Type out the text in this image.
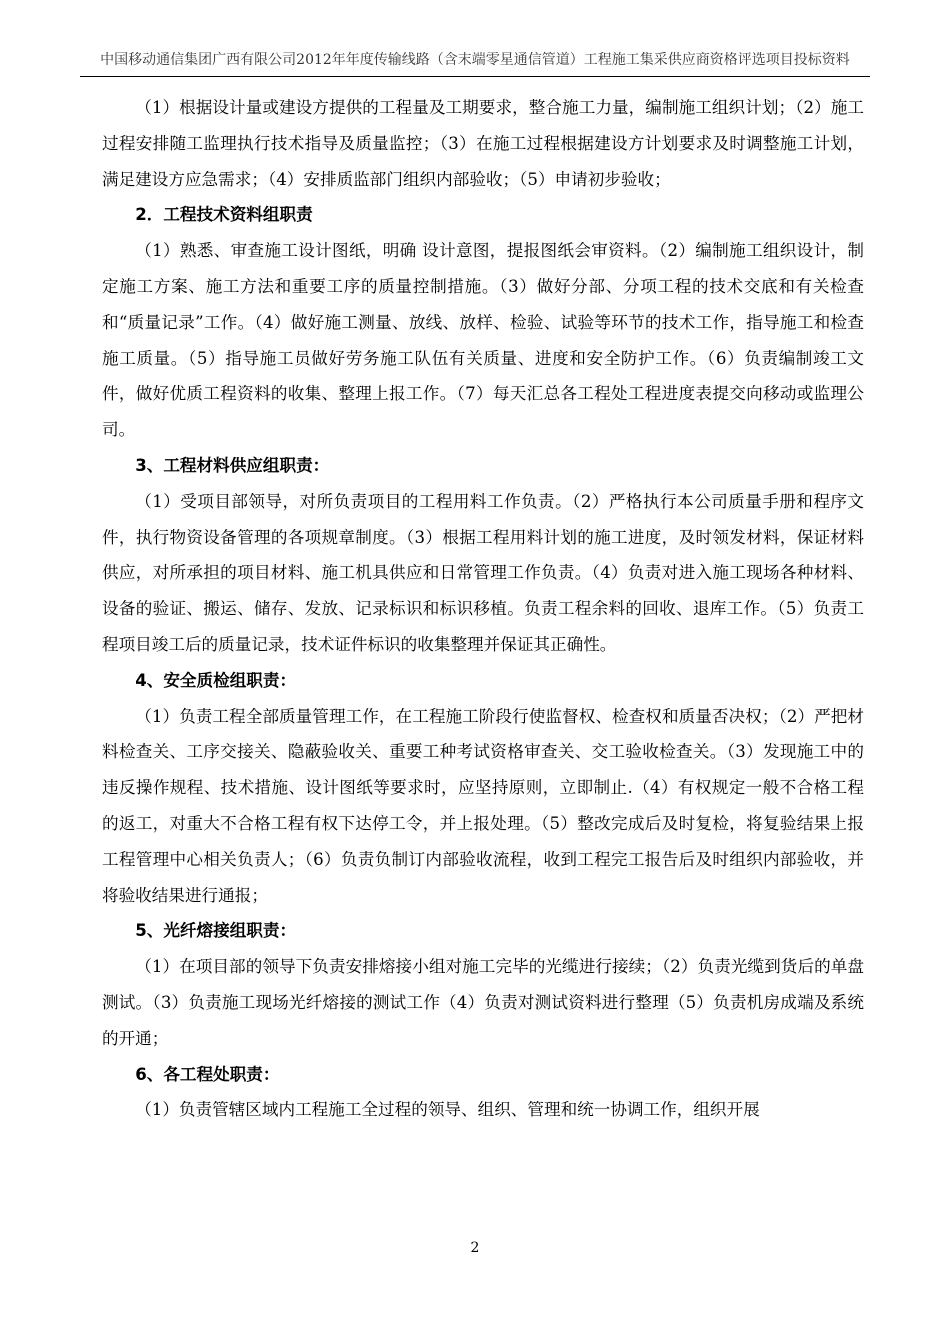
中国移动通信集团广西有限公司2012年年度传输线路（含末端零星通信管道）工程施工集采供应商资格评选项目投标资料

（1）根据设计量或建设方提供的工程量及工期要求，整合施工力量，编制施工组织计划；（2）施工过程安排随工监理执行技术指导及质量监控；（3）在施工过程根据建设方计划要求及时调整施工计划，满足建设方应急需求；（4）安排质监部门组织内部验收；（5）申请初步验收；

2．工程技术资料组职责

（1）熟悉、审查施工设计图纸，明确 设计意图，提报图纸会审资料。（2）编制施工组织设计，制定施工方案、施工方法和重要工序的质量控制措施。（3）做好分部、分项工程的技术交底和有关检查和“质量记录”工作。（4）做好施工测量、放线、放样、检验、试验等环节的技术工作，指导施工和检查施工质量。（5）指导施工员做好劳务施工队伍有关质量、进度和安全防护工作。（6）负责编制竣工文件，做好优质工程资料的收集、整理上报工作。（7）每天汇总各工程处工程进度表提交向移动或监理公司。

3、工程材料供应组职责：

（1）受项目部领导，对所负责项目的工程用料工作负责。（2）严格执行本公司质量手册和程序文件，执行物资设备管理的各项规章制度。（3）根据工程用料计划的施工进度，及时领发材料，保证材料供应，对所承担的项目材料、施工机具供应和日常管理工作负责。（4）负责对进入施工现场各种材料、设备的验证、搬运、储存、发放、记录标识和标识移植。负责工程余料的回收、退库工作。（5）负责工程项目竣工后的质量记录，技术证件标识的收集整理并保证其正确性。

4、安全质检组职责：

（1）负责工程全部质量管理工作，在工程施工阶段行使监督权、检查权和质量否决权；（2）严把材料检查关、工序交接关、隐蔽验收关、重要工种考试资格审查关、交工验收检查关。（3）发现施工中的违反操作规程、技术措施、设计图纸等要求时，应坚持原则，立即制止.（4）有权规定一般不合格工程的返工，对重大不合格工程有权下达停工令，并上报处理。（5）整改完成后及时复检，将复验结果上报工程管理中心相关负责人；（6）负责负制订内部验收流程，收到工程完工报告后及时组织内部验收，并将验收结果进行通报；

5、光纤熔接组职责：

（1）在项目部的领导下负责安排熔接小组对施工完毕的光缆进行接续；（2）负责光缆到货后的单盘测试。（3）负责施工现场光纤熔接的测试工作（4）负责对测试资料进行整理（5）负责机房成端及系统的开通；

6、各工程处职责：

（1）负责管辖区域内工程施工全过程的领导、组织、管理和统一协调工作，组织开展

2
